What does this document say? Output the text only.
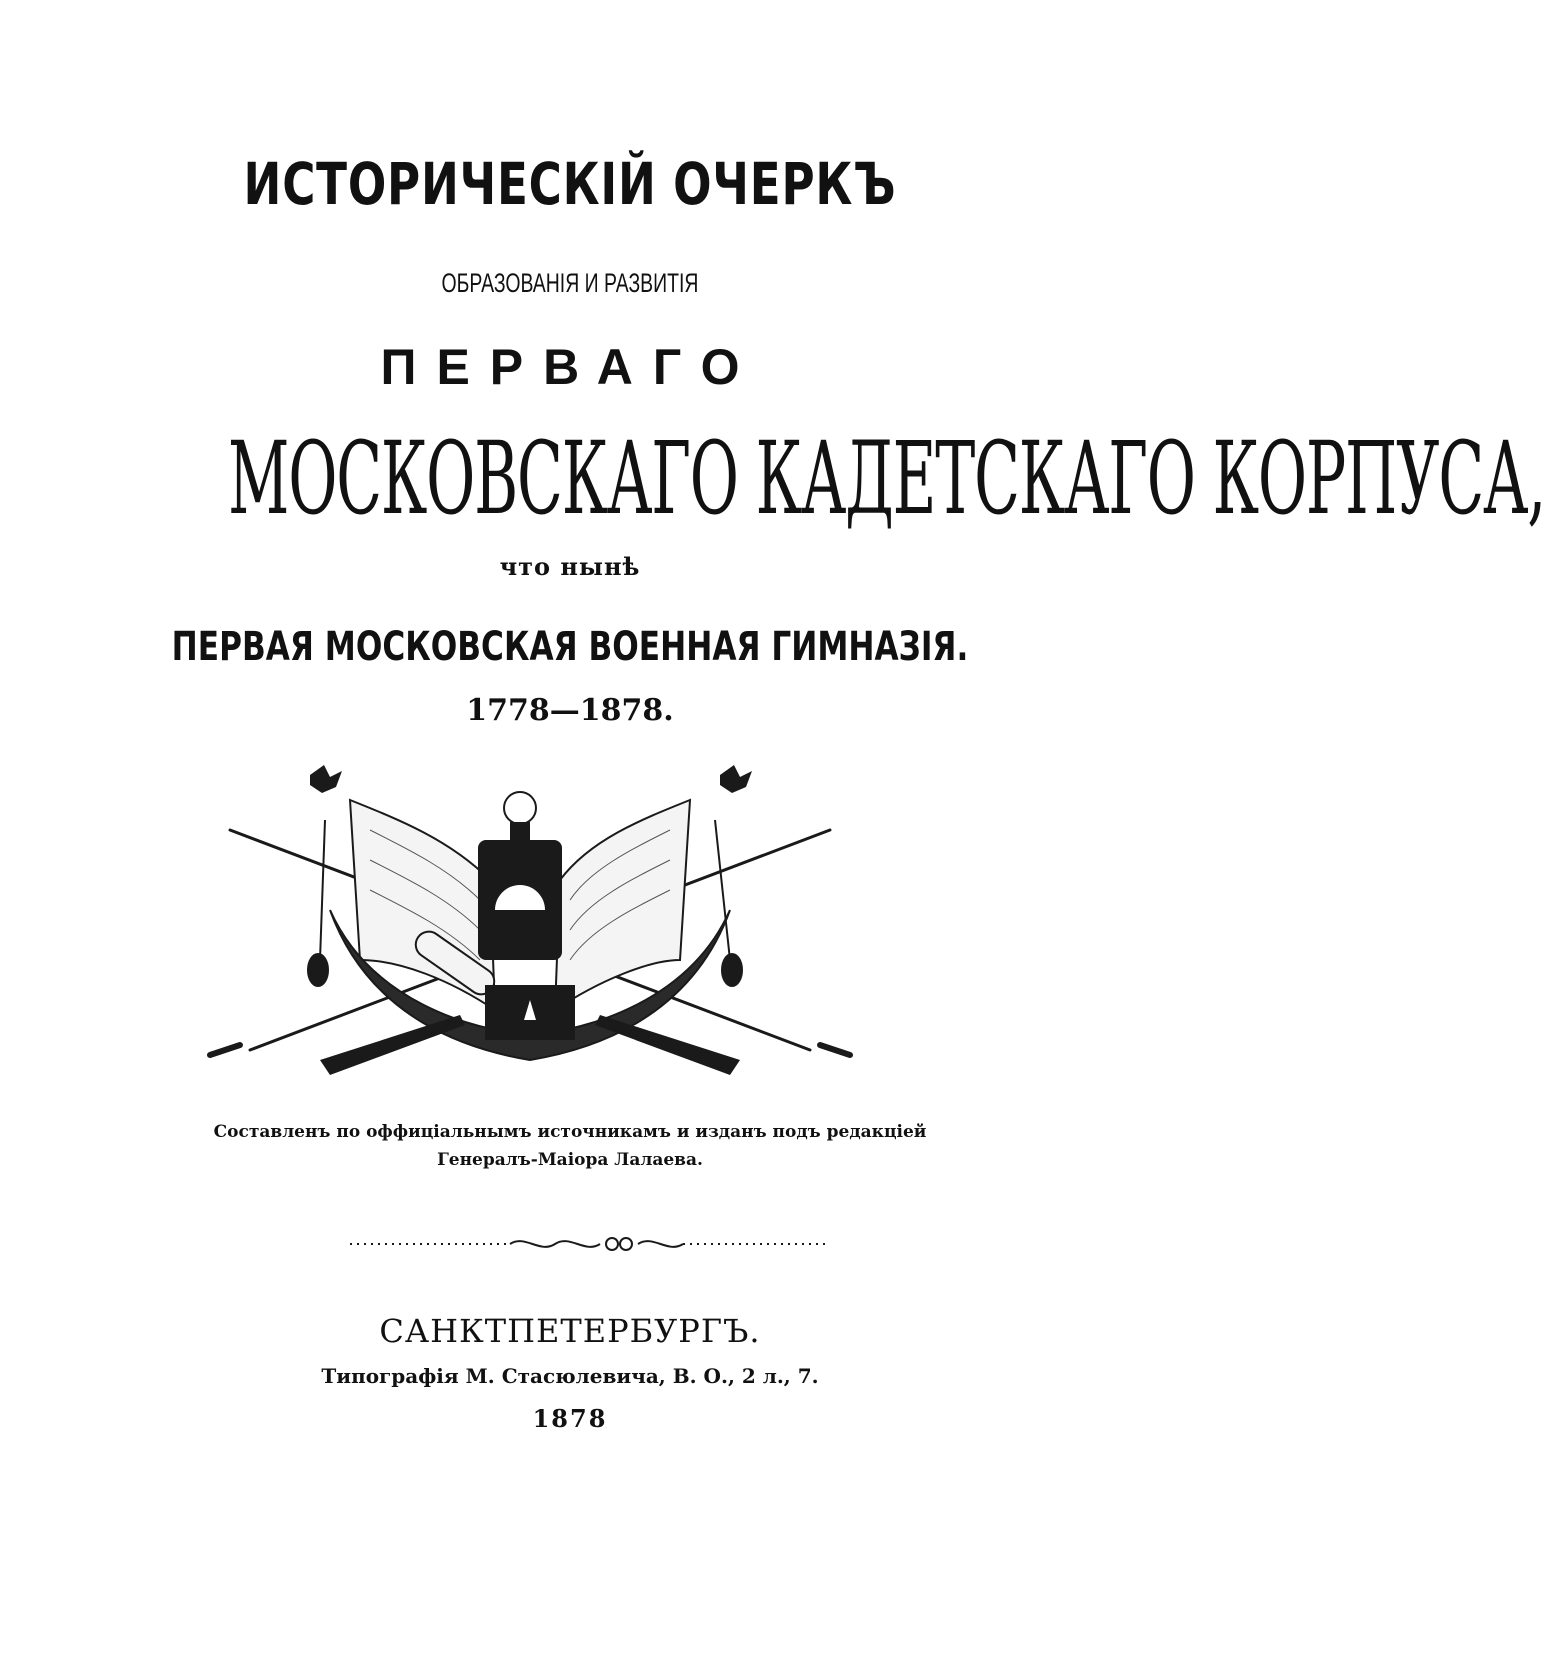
ИСТОРИЧЕСКІЙ ОЧЕРКЪ
ОБРАЗОВАНІЯ И РАЗВИТІЯ
ПЕРВАГО
МОСКОВСКАГО КАДЕТСКАГО КОРПУСА,
что нынѣ
ПЕРВАЯ МОСКОВСКАЯ ВОЕННАЯ ГИМНАЗІЯ.
1778—1878.
Составленъ по оффиціальнымъ источникамъ и изданъ подъ редакціей
Генералъ-Маіора Лалаева.
САНКТПЕТЕРБУРГЪ.
Типографія М. Стасюлевича, В. О., 2 л., 7.
1878
